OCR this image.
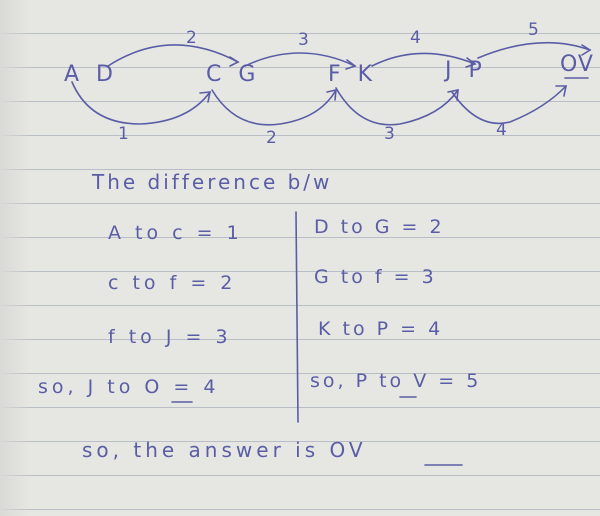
A D	C G	F K	J P	OV
2	3	4	5
1	2	3	4
The difference b/w
A to c = 1
c to f = 2
f to J = 3
so, J to O = 4
D to G = 2
G to f = 3
K to P = 4
so, P to V = 5
so, the answer is OV
